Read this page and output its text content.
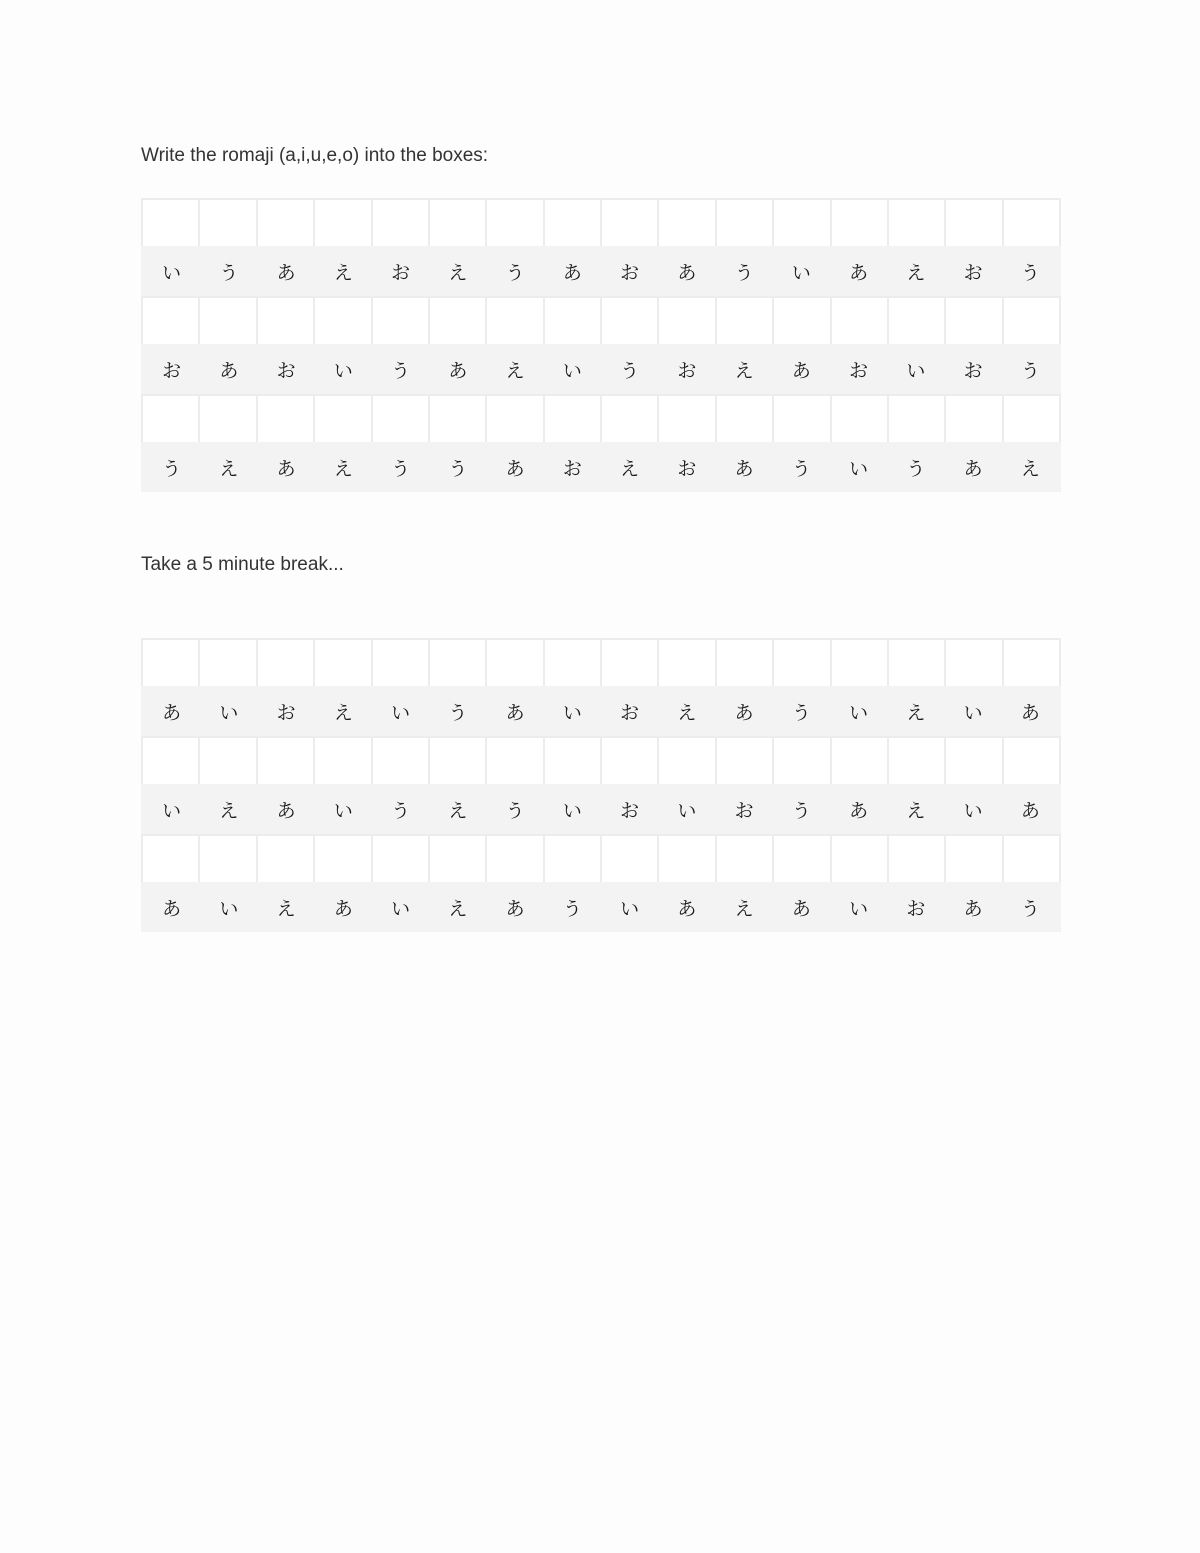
Write the romaji (a,i,u,e,o) into the boxes:

い	う	あ	え	お	え	う	あ	お	あ	う	い	あ	え	お	う
お	あ	お	い	う	あ	え	い	う	お	え	あ	お	い	お	う
う	え	あ	え	う	う	あ	お	え	お	あ	う	い	う	あ	え

Take a 5 minute break...

あ	い	お	え	い	う	あ	い	お	え	あ	う	い	え	い	あ
い	え	あ	い	う	え	う	い	お	い	お	う	あ	え	い	あ
あ	い	え	あ	い	え	あ	う	い	あ	え	あ	い	お	あ	う
